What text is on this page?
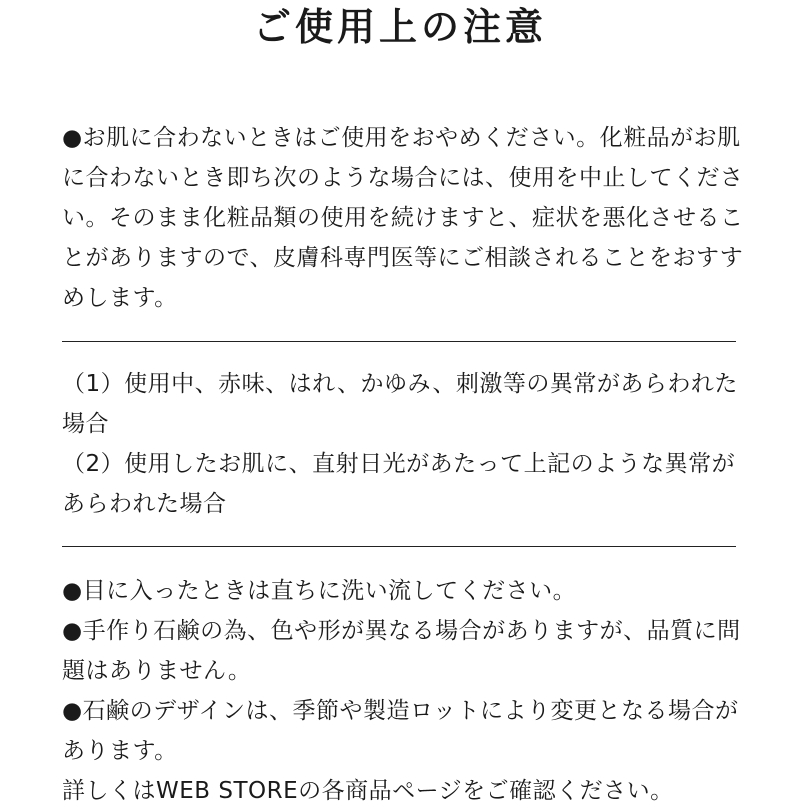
ご使用上の注意

●お肌に合わないときはご使用をおやめください。化粧品がお肌に合わないとき即ち次のような場合には、使用を中止してください。そのまま化粧品類の使用を続けますと、症状を悪化させることがありますので、皮膚科専門医等にご相談されることをおすすめします。

（1）使用中、赤味、はれ、かゆみ、刺激等の異常があらわれた場合

（2）使用したお肌に、直射日光があたって上記のような異常があらわれた場合

●目に入ったときは直ちに洗い流してください。

●手作り石鹸の為、色や形が異なる場合がありますが、品質に問題はありません。

●石鹸のデザインは、季節や製造ロットにより変更となる場合があります。

詳しくはWEB STOREの各商品ページをご確認ください。
